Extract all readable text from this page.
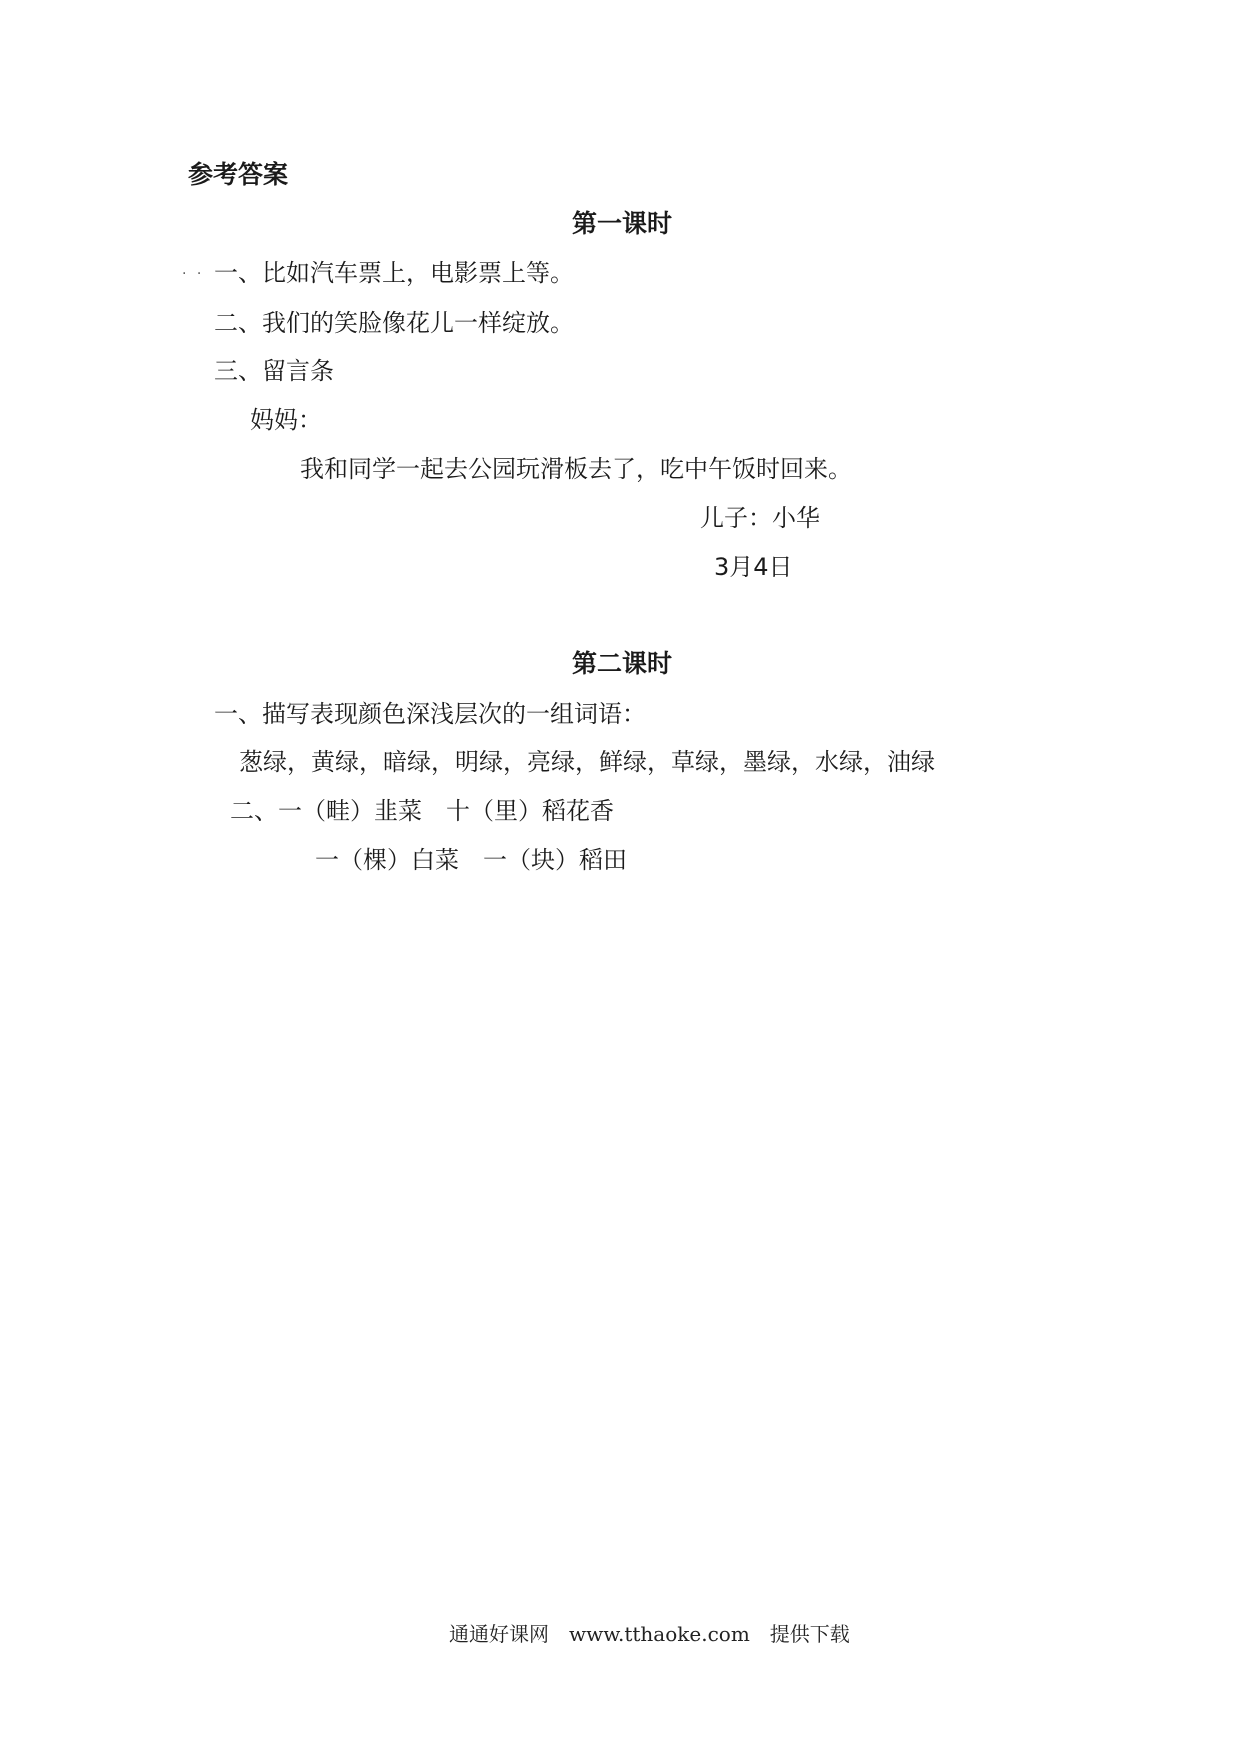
参考答案
第一课时
. . 一、比如汽车票上，电影票上等。
二、我们的笑脸像花儿一样绽放。
三、留言条
妈妈：
我和同学一起去公园玩滑板去了，吃中午饭时回来。
儿子：小华
3月4日
第二课时
一、描写表现颜色深浅层次的一组词语：
葱绿，黄绿，暗绿，明绿，亮绿，鲜绿，草绿，墨绿，水绿，油绿
二、一（畦）韭菜　十（里）稻花香
一（棵）白菜　一（块）稻田
通通好课网　www.tthaoke.com　提供下载
